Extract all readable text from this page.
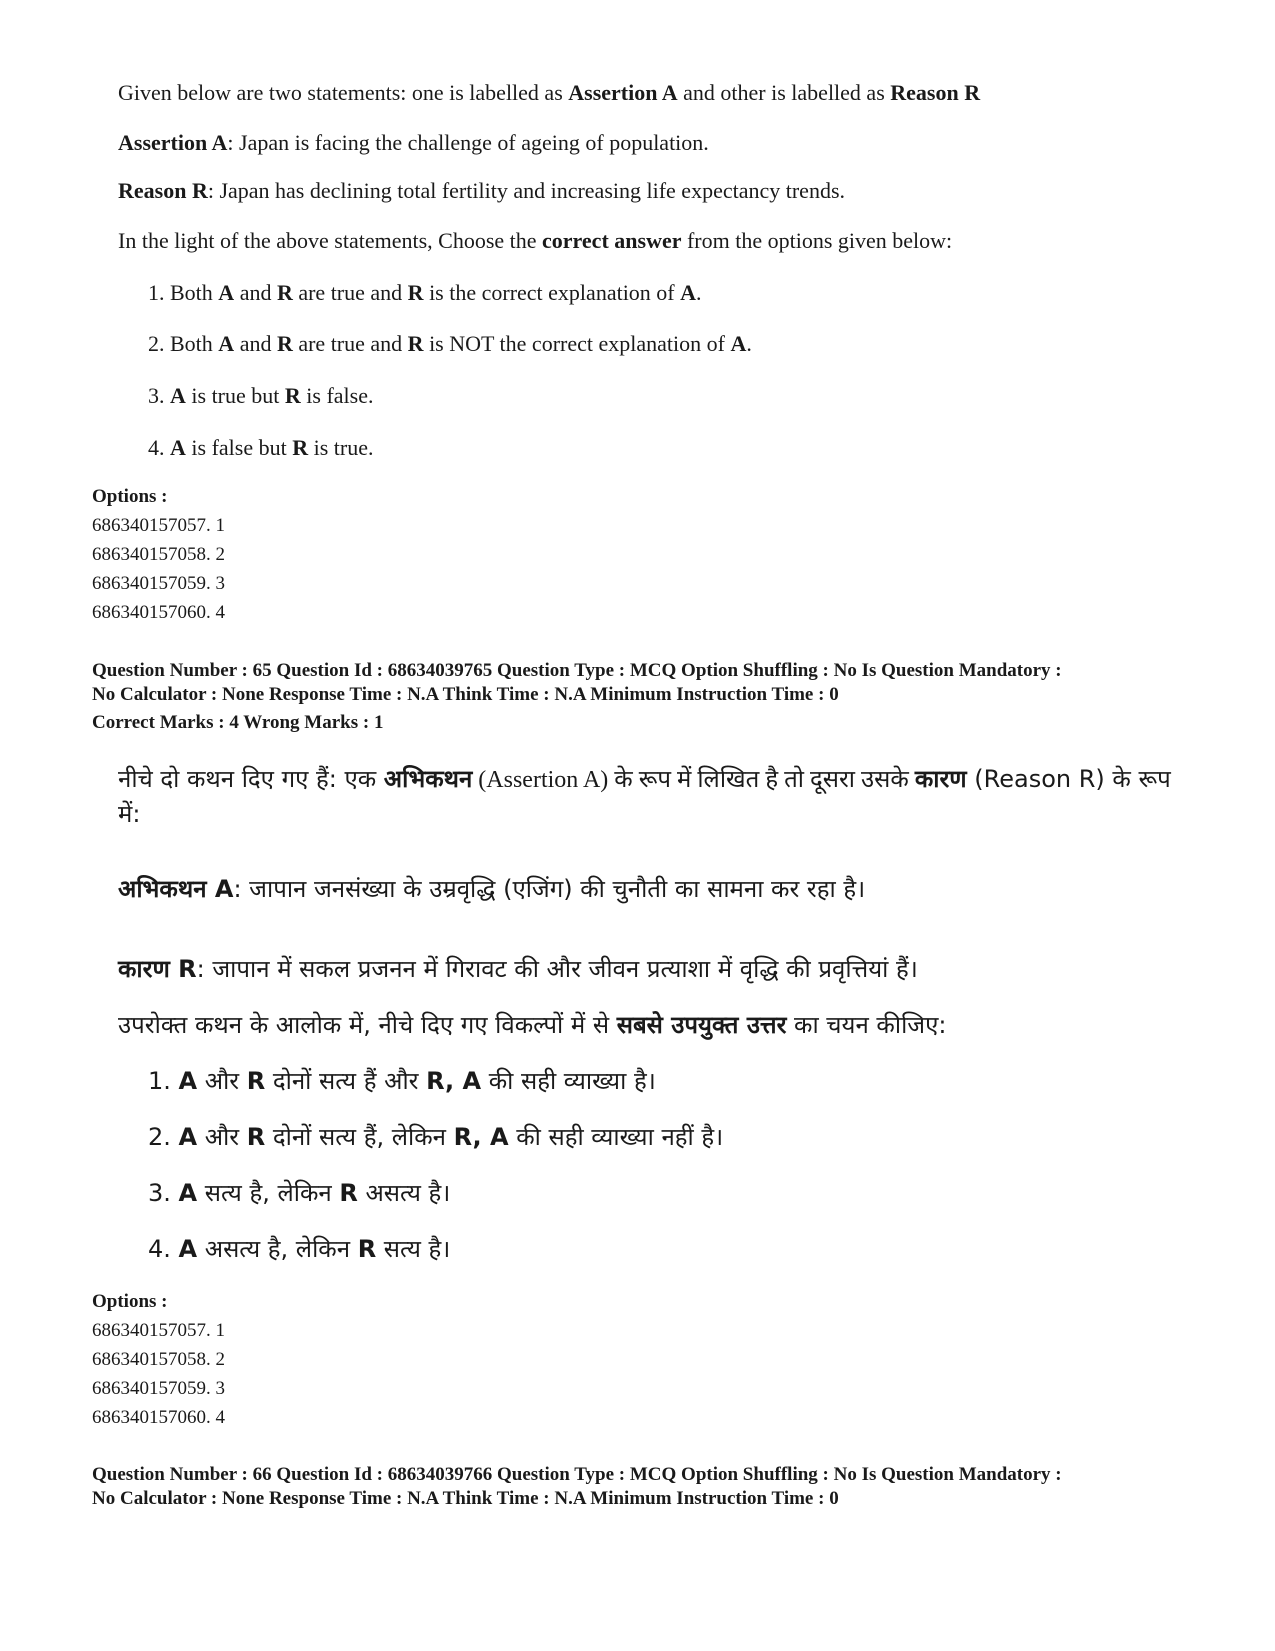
Given below are two statements: one is labelled as Assertion A and other is labelled as Reason R

Assertion A: Japan is facing the challenge of ageing of population.

Reason R: Japan has declining total fertility and increasing life expectancy trends.

In the light of the above statements, Choose the correct answer from the options given below:

1. Both A and R are true and R is the correct explanation of A.

2. Both A and R are true and R is NOT the correct explanation of A.

3. A is true but R is false.

4. A is false but R is true.

Options :
686340157057. 1
686340157058. 2
686340157059. 3
686340157060. 4
Question Number : 65 Question Id : 68634039765 Question Type : MCQ Option Shuffling : No Is Question Mandatory :
No Calculator : None Response Time : N.A Think Time : N.A Minimum Instruction Time : 0
Correct Marks : 4 Wrong Marks : 1

नीचे दो कथन दिए गए हैं: एक अभिकथन (Assertion A) के रूप में लिखित है तो दूसरा उसके कारण (Reason R) के रूप में:

अभिकथन A: जापान जनसंख्या के उम्रवृद्धि (एजिंग) की चुनौती का सामना कर रहा है।

कारण R: जापान में सकल प्रजनन में गिरावट की और जीवन प्रत्याशा में वृद्धि की प्रवृत्तियां हैं।

उपरोक्त कथन के आलोक में, नीचे दिए गए विकल्पों में से सबसे उपयुक्त उत्तर का चयन कीजिए:

1. A और R दोनों सत्य हैं और R, A की सही व्याख्या है।

2. A और R दोनों सत्य हैं, लेकिन R, A की सही व्याख्या नहीं है।

3. A सत्य है, लेकिन R असत्य है।

4. A असत्य है, लेकिन R सत्य है।

Options :
686340157057. 1
686340157058. 2
686340157059. 3
686340157060. 4
Question Number : 66 Question Id : 68634039766 Question Type : MCQ Option Shuffling : No Is Question Mandatory :
No Calculator : None Response Time : N.A Think Time : N.A Minimum Instruction Time : 0
